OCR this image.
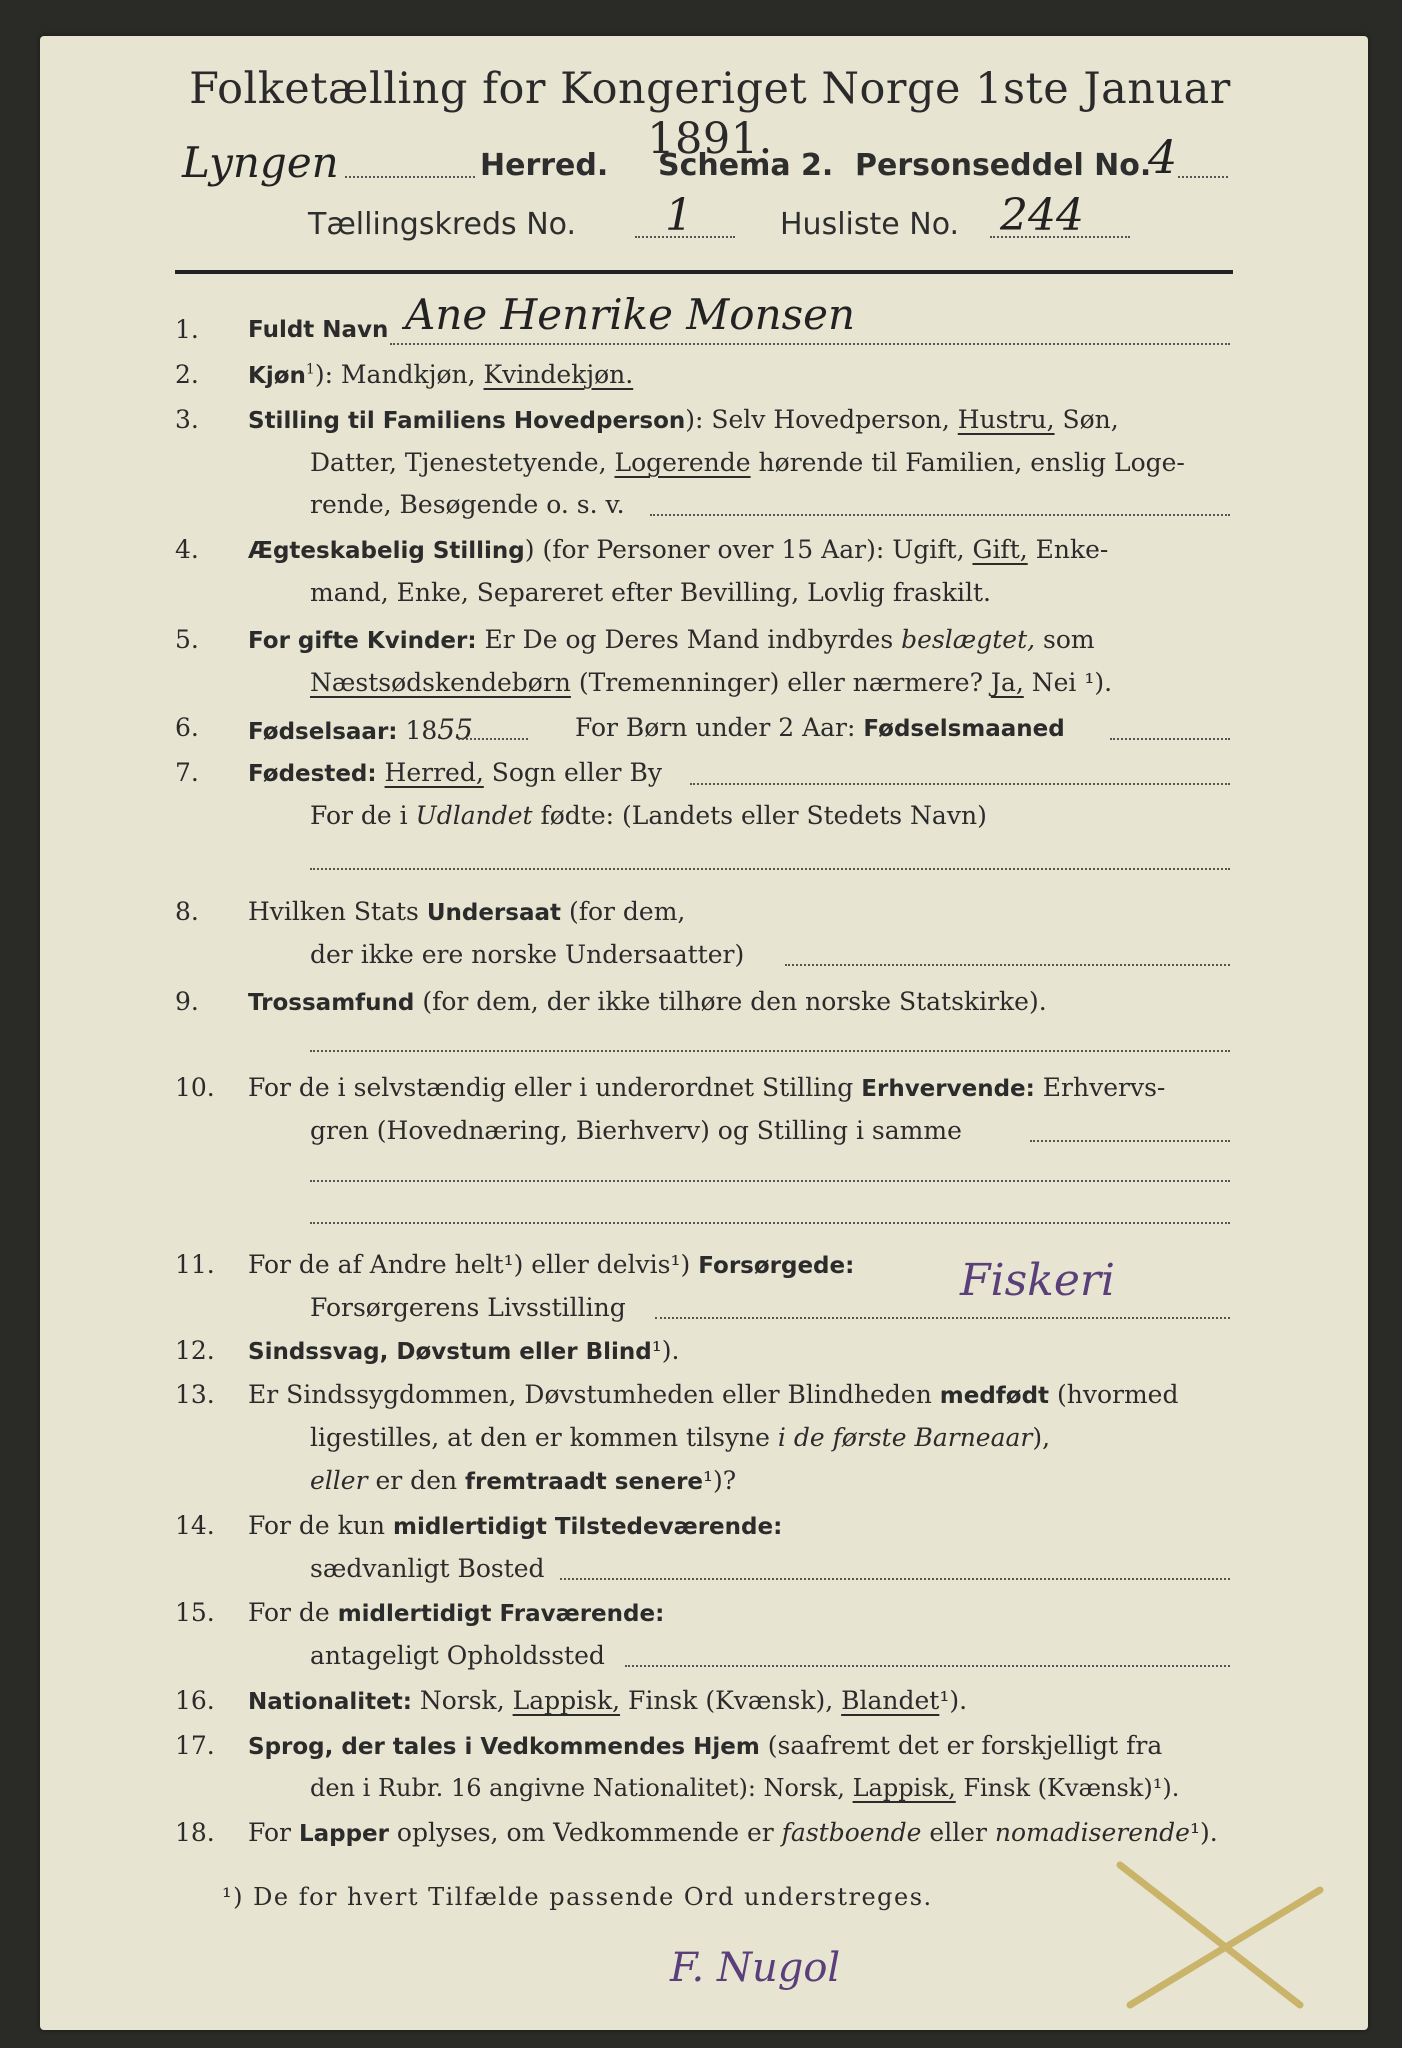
Folketælling for Kongeriget Norge 1ste Januar 1891.
Lyngen	Herred. Schema 2. Personseddel No.
4
Tællingskreds No. 1	Husliste No. 244
1.	Fuldt Navn Ane Henrike Monsen
2.	Kjøn$^1$): Mandkjøn, Kvindekjøn.
3.	Stilling til Familiens Hovedperson): Selv Hovedperson, Hustru, Søn,
Datter, Tjenestetyende, Logerende hørende til Familien, enslig Loge-
rende, Besøgende o. s. v.
4.	Ægteskabelig Stilling) (for Personer over 15 Aar): Ugift, Gift, Enke-
mand, Enke, Separeret efter Bevilling, Lovlig fraskilt.
5.	For gifte Kvinder: Er De og Deres Mand indbyrdes beslægtet, som
Næstsødskendebørn (Tremenninger) eller nærmere? Ja, Nei ¹).
6.	Fødselsaar: 1855	For Børn under 2 Aar: Fødselsmaaned
7.	Fødested: Herred, Sogn eller By
For de i Udlandet fødte: (Landets eller Stedets Navn)
8.	Hvilken Stats Undersaat (for dem,
der ikke ere norske Undersaatter)
9.	Trossamfund (for dem, der ikke tilhøre den norske Statskirke).
10.	For de i selvstændig eller i underordnet Stilling Erhvervende: Erhvervs-
gren (Hovednæring, Bierhverv) og Stilling i samme
11.	For de af Andre helt¹) eller delvis¹) Forsørgede:
Forsørgerens Livsstilling
Fiskeri
12.	Sindssvag, Døvstum eller Blind¹).
13.	Er Sindssygdommen, Døvstumheden eller Blindheden medfødt (hvormed
ligestilles, at den er kommen tilsyne i de første Barneaar),
eller er den fremtraadt senere¹)?
14.	For de kun midlertidigt Tilstedeværende:
sædvanligt Bosted
15.	For de midlertidigt Fraværende:
antageligt Opholdssted
16.	Nationalitet: Norsk, Lappisk, Finsk (Kvænsk), Blandet¹).
17.	Sprog, der tales i Vedkommendes Hjem (saafremt det er forskjelligt fra
den i Rubr. 16 angivne Nationalitet): Norsk, Lappisk, Finsk (Kvænsk)¹).
18.	For Lapper oplyses, om Vedkommende er fastboende eller nomadiserende¹).
¹) De for hvert Tilfælde passende Ord understreges.
F. Nugol
